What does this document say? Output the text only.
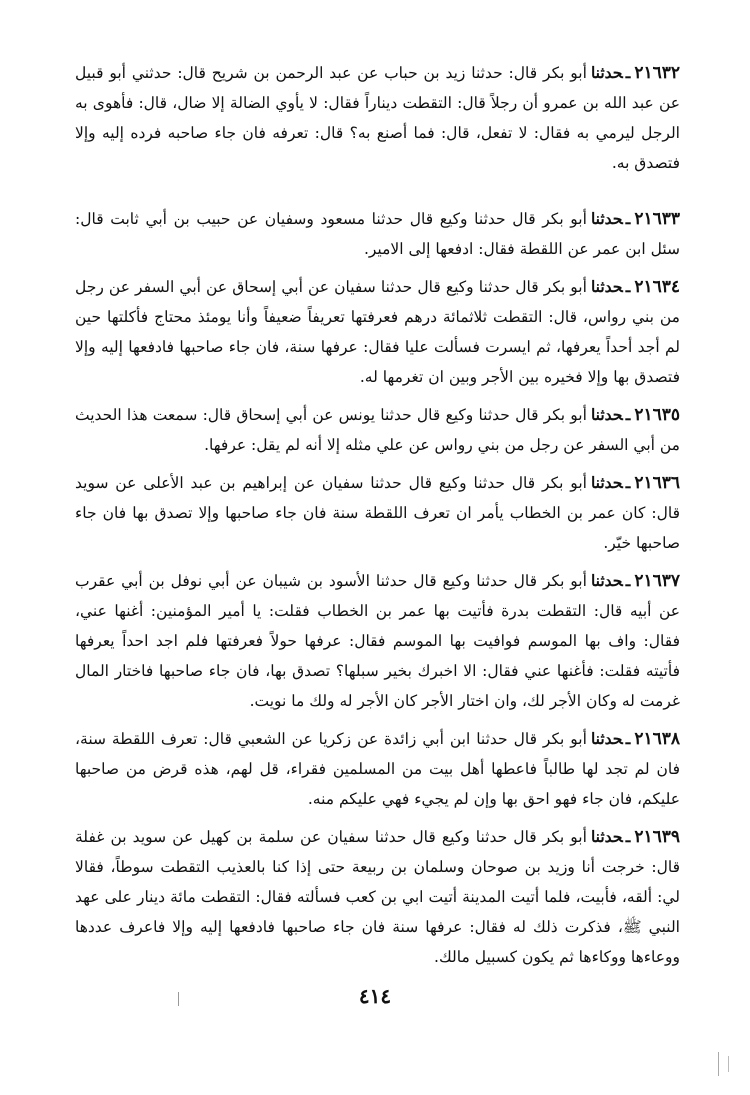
٢١٦٣٢ـحدثناأبو بكر قال: حدثنا زيد بن حباب عن عبد الرحمن بن شريح قال: حدثني أبو قبيل عن عبد الله بن عمرو أن رجلاً قال: التقطت ديناراً فقال: لا يأوي الضالة إلا ضال، قال: فأهوى به الرجل ليرمي به فقال: لا تفعل، قال: فما أصنع به؟ قال: تعرفه فان جاء صاحبه فرده إليه وإلا فتصدق به.
٢١٦٣٣ـحدثناأبو بكر قال حدثنا وكيع قال حدثنا مسعود وسفيان عن حبيب بن أبي ثابت قال: سئل ابن عمر عن اللقطة فقال: ادفعها إلى الامير.
٢١٦٣٤ـحدثناأبو بكر قال حدثنا وكيع قال حدثنا سفيان عن أبي إسحاق عن أبي السفر عن رجل من بني رواس، قال: التقطت ثلاثمائة درهم فعرفتها تعريفاً ضعيفاً وأنا يومئذ محتاج فأكلتها حين لم أجد أحداً يعرفها، ثم ايسرت فسألت عليا فقال: عرفها سنة، فان جاء صاحبها فادفعها إليه وإلا فتصدق بها وإلا فخيره بين الأجر وبين ان تغرمها له.
٢١٦٣٥ـحدثناأبو بكر قال حدثنا وكيع قال حدثنا يونس عن أبي إسحاق قال: سمعت هذا الحديث من أبي السفر عن رجل من بني رواس عن علي مثله إلا أنه لم يقل: عرفها.
٢١٦٣٦ـحدثناأبو بكر قال حدثنا وكيع قال حدثنا سفيان عن إبراهيم بن عبد الأعلى عن سويد قال: كان عمر بن الخطاب يأمر ان تعرف اللقطة سنة فان جاء صاحبها وإلا تصدق بها فان جاء صاحبها خيّر.
٢١٦٣٧ـحدثناأبو بكر قال حدثنا وكيع قال حدثنا الأسود بن شيبان عن أبي نوفل بن أبي عقرب عن أبيه قال: التقطت بدرة فأتيت بها عمر بن الخطاب فقلت: يا أمير المؤمنين: أغنها عني، فقال: واف بها الموسم فوافيت بها الموسم فقال: عرفها حولاً فعرفتها فلم اجد احداً يعرفها فأتيته فقلت: فأغنها عني فقال: الا اخبرك بخير سبلها؟ تصدق بها، فان جاء صاحبها فاختار المال غرمت له وكان الأجر لك، وان اختار الأجر كان الأجر له ولك ما نويت.
٢١٦٣٨ـحدثناأبو بكر قال حدثنا ابن أبي زائدة عن زكريا عن الشعبي قال: تعرف اللقطة سنة، فان لم تجد لها طالباً فاعطها أهل بيت من المسلمين فقراء، قل لهم، هذه قرض من صاحبها عليكم، فان جاء فهو احق بها وإن لم يجيء فهي عليكم منه.
٢١٦٣٩ـحدثناأبو بكر قال حدثنا وكيع قال حدثنا سفيان عن سلمة بن كهيل عن سويد بن غفلة قال: خرجت أنا وزيد بن صوحان وسلمان بن ربيعة حتى إذا كنا بالعذيب التقطت سوطاً، فقالا لي: ألقه، فأبيت، فلما أتيت المدينة أتيت ابي بن كعب فسألته فقال: التقطت مائة دينار على عهد النبي ﷺ، فذكرت ذلك له فقال: عرفها سنة فان جاء صاحبها فادفعها إليه وإلا فاعرف عددها ووعاءها ووكاءها ثم يكون كسبيل مالك.
٤١٤
